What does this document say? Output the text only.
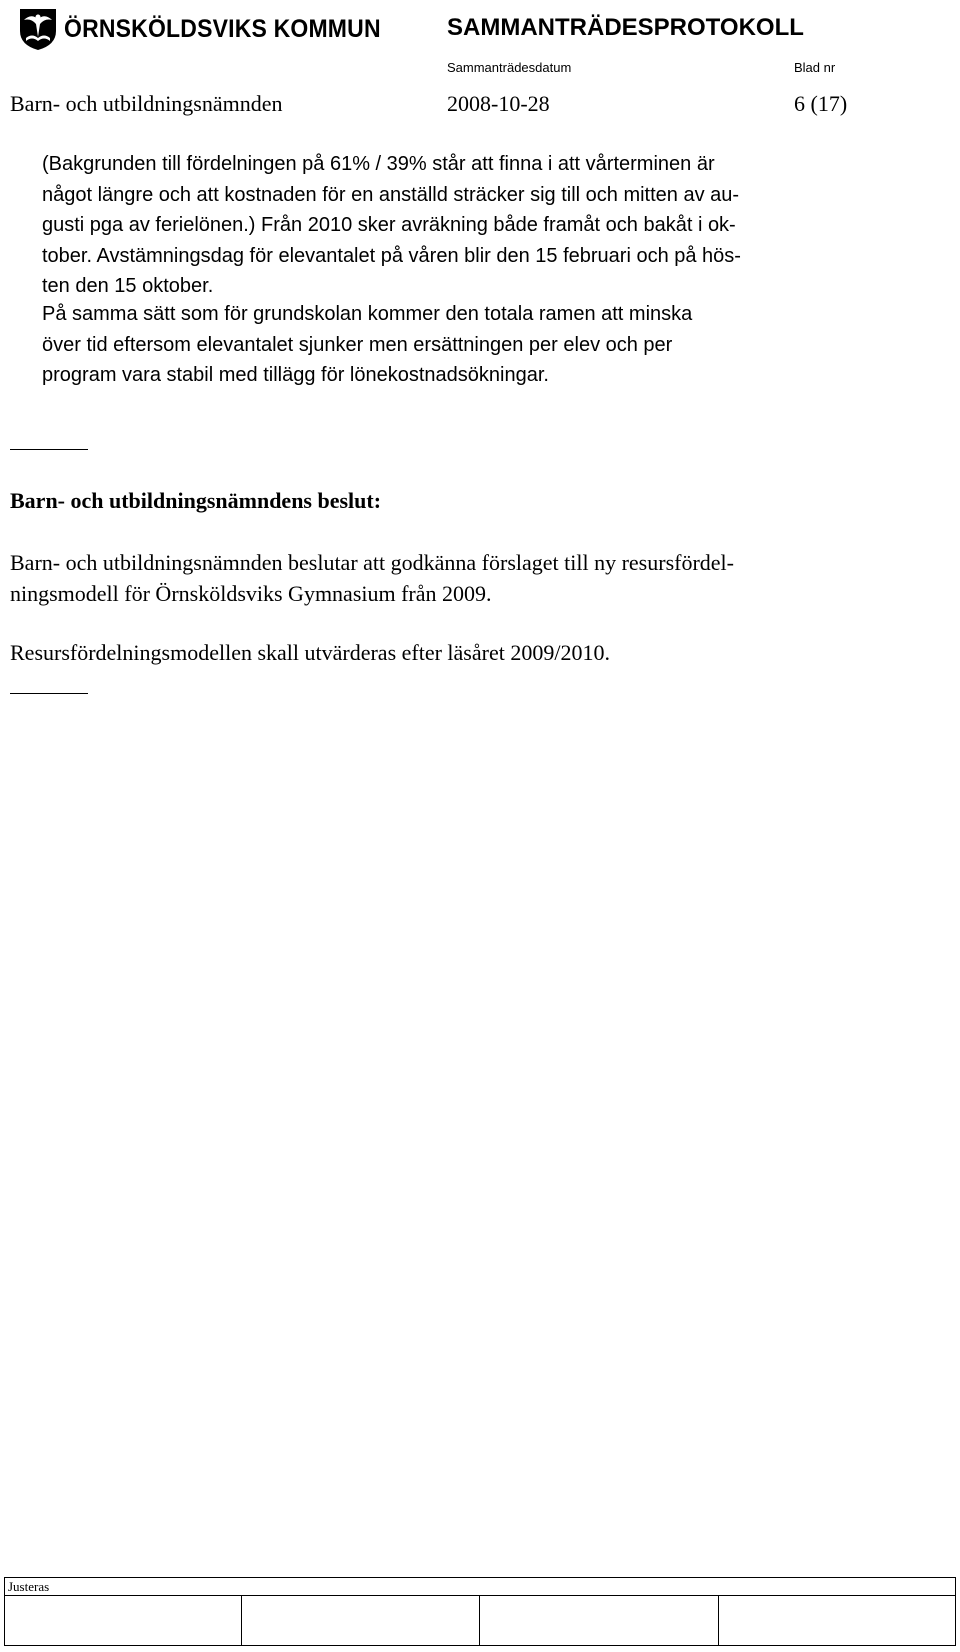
ÖRNSKÖLDSVIKS KOMMUN	SAMMANTRÄDESPROTOKOLL
Sammanträdesdatum	Blad nr
Barn- och utbildningsnämnden	2008-10-28	6 (17)
(Bakgrunden till fördelningen på 61% / 39% står att finna i att vårterminen är
något längre och att kostnaden för en anställd sträcker sig till och mitten av au-
gusti pga av ferielönen.) Från 2010 sker avräkning både framåt och bakåt i ok-
tober. Avstämningsdag för elevantalet på våren blir den 15 februari och på hös-
ten den 15 oktober.
På samma sätt som för grundskolan kommer den totala ramen att minska
över tid eftersom elevantalet sjunker men ersättningen per elev och per
program vara stabil med tillägg för lönekostnadsökningar.
Barn- och utbildningsnämndens beslut:
Barn- och utbildningsnämnden beslutar att godkänna förslaget till ny resursfördel-
ningsmodell för Örnsköldsviks Gymnasium från 2009.
Resursfördelningsmodellen skall utvärderas efter läsåret 2009/2010.
Justeras
